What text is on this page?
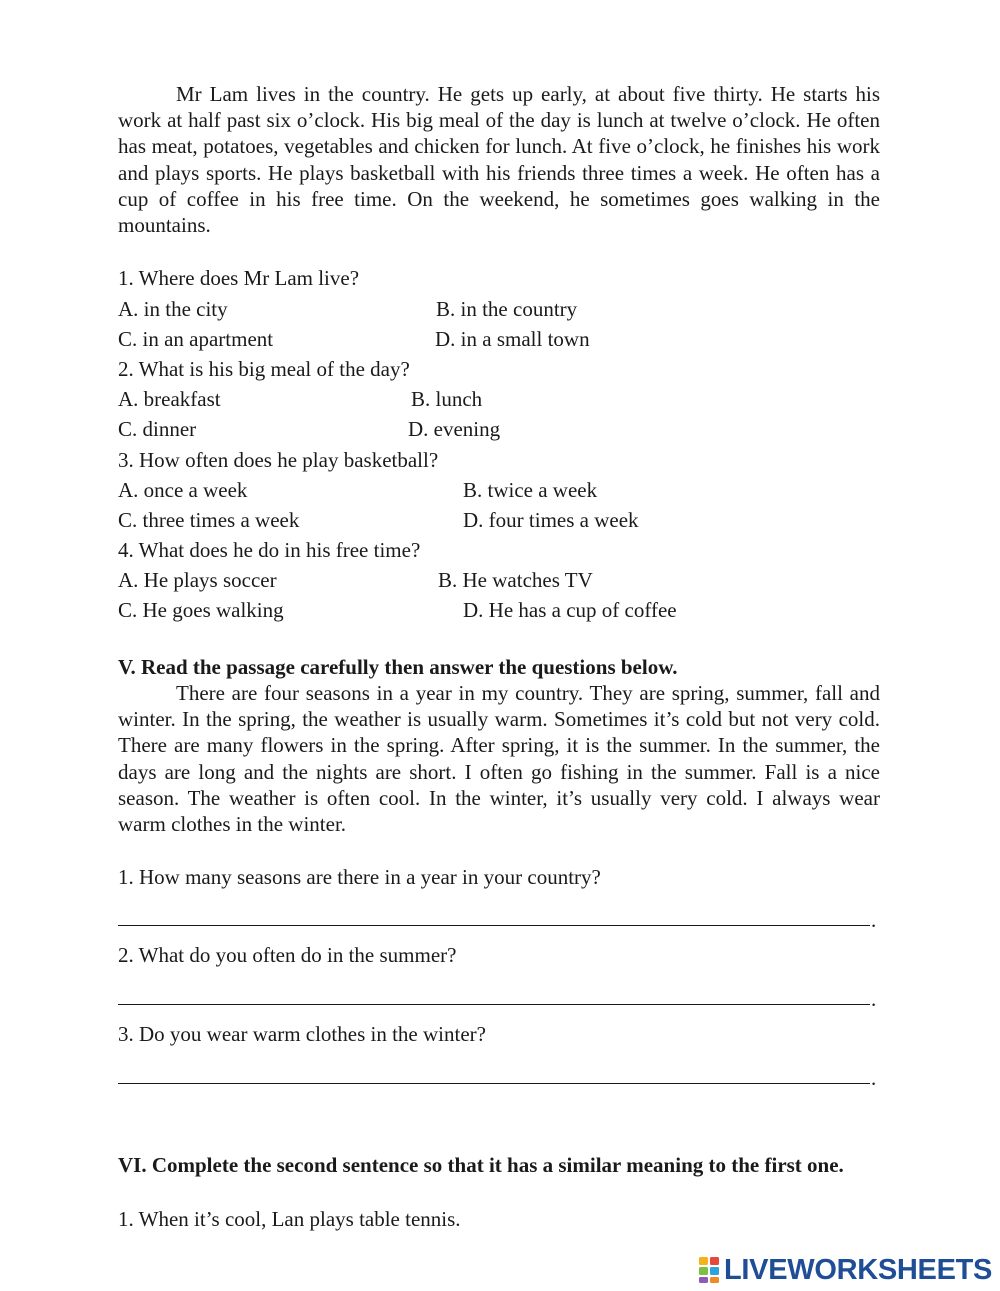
Mr Lam lives in the country. He gets up early, at about five thirty. He starts his work at half past six o’clock. His big meal of the day is lunch at twelve o’clock. He often has meat, potatoes, vegetables and chicken for lunch. At five o’clock, he finishes his work and plays sports. He plays basketball with his friends three times a week. He often has a cup of coffee in his free time. On the weekend, he sometimes goes walking in the mountains.

1. Where does Mr Lam live?
A. in the city	B. in the country
C. in an apartment	D. in a small town
2. What is his big meal of the day?
A. breakfast	B. lunch
C. dinner	D. evening
3. How often does he play basketball?
A. once a week	B. twice a week
C. three times a week	D. four times a week
4. What does he do in his free time?
A. He plays soccer	B. He watches TV
C. He goes walking	D. He has a cup of coffee

V. Read the passage carefully then answer the questions below.

There are four seasons in a year in my country. They are spring, summer, fall and winter. In the spring, the weather is usually warm. Sometimes it’s cold but not very cold. There are many flowers in the spring. After spring, it is the summer. In the summer, the days are long and the nights are short. I often go fishing in the summer. Fall is a nice season. The weather is often cool. In the winter, it’s usually very cold. I always wear warm clothes in the winter.

1. How many seasons are there in a year in your country?
.
2. What do you often do in the summer?
.
3. Do you wear warm clothes in the winter?
.

VI. Complete the second sentence so that it has a similar meaning to the first one.

1. When it’s cool, Lan plays table tennis.
LIVEWORKSHEETS
